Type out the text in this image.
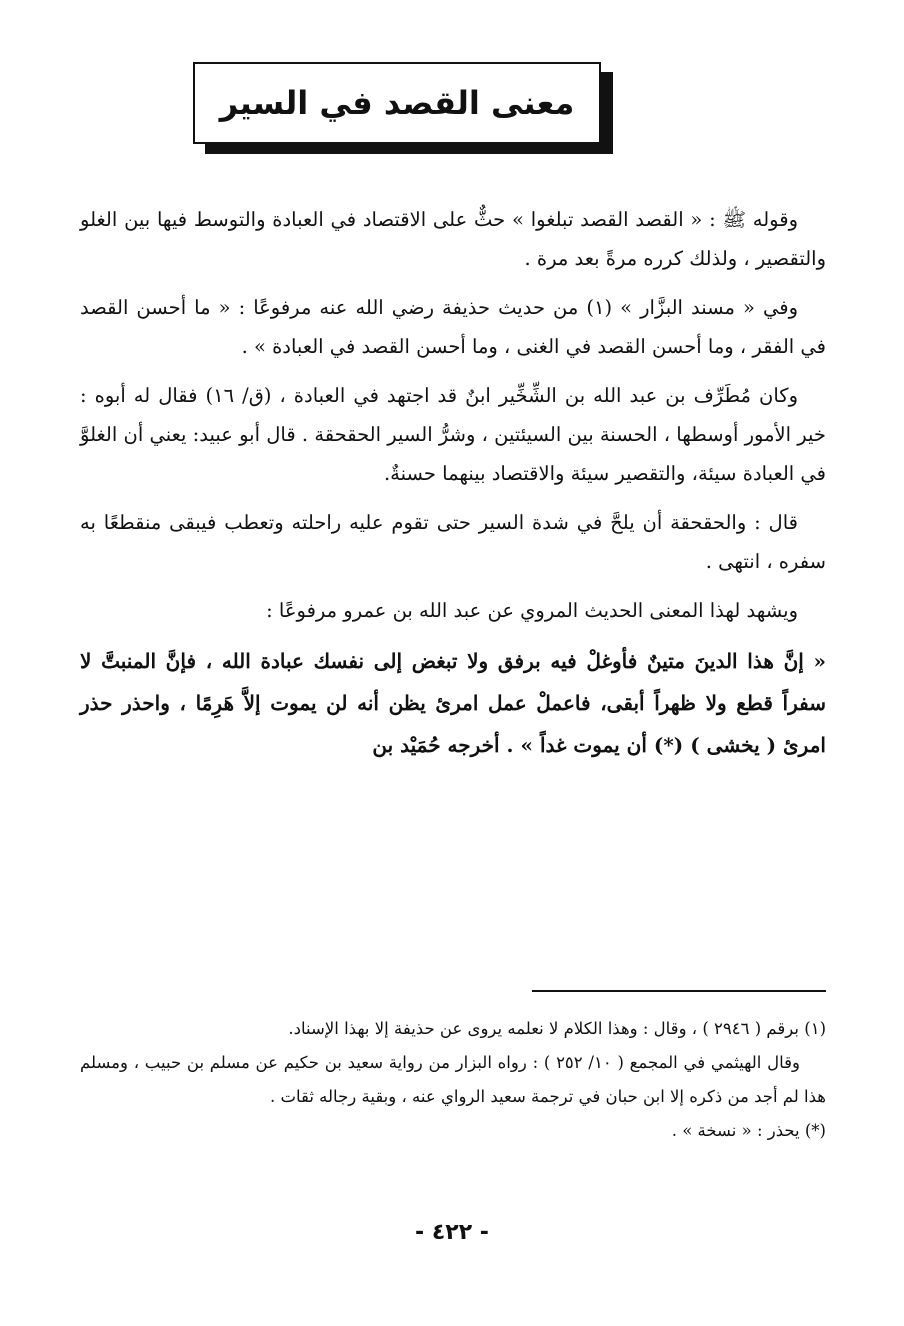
معنى القصد في السير

وقوله ﷺ : « القصد القصد تبلغوا » حثٌّ على الاقتصاد في العبادة والتوسط فيها بين الغلو والتقصير ، ولذلك كرره مرةً بعد مرة .

وفي « مسند البزَّار » (١) من حديث حذيفة رضي الله عنه مرفوعًا : « ما أحسن القصد في الفقر ، وما أحسن القصد في الغنى ، وما أحسن القصد في العبادة » .

وكان مُطَرِّف بن عبد الله بن الشِّخِّير ابنٌ قد اجتهد في العبادة ، (ق/ ١٦) فقال له أبوه : خير الأمور أوسطها ، الحسنة بين السيئتين ، وشرُّ السير الحقحقة . قال أبو عبيد: يعني أن الغلوَّ في العبادة سيئة، والتقصير سيئة والاقتصاد بينهما حسنةٌ.

قال : والحقحقة أن يلحَّ في شدة السير حتى تقوم عليه راحلته وتعطب فيبقى منقطعًا به سفره ، انتهى .

ويشهد لهذا المعنى الحديث المروي عن عبد الله بن عمرو مرفوعًا :

« إنَّ هذا الدينَ متينٌ فأوغلْ فيه برفق ولا تبغض إلى نفسك عبادة الله ، فإنَّ المنبتَّ لا سفراً قطع ولا ظهراً أبقى، فاعملْ عمل امرئ يظن أنه لن يموت إلاَّ هَرِمًا ، واحذر حذر امرئ ( يخشى ) (*) أن يموت غداً » . أخرجه حُمَيْد بن

(١) برقم ( ٢٩٤٦ ) ، وقال : وهذا الكلام لا نعلمه يروى عن حذيفة إلا بهذا الإسناد.

وقال الهيثمي في المجمع ( ١٠/ ٢٥٢ ) : رواه البزار من رواية سعيد بن حكيم عن مسلم بن حبيب ، ومسلم هذا لم أجد من ذكره إلا ابن حبان في ترجمة سعيد الرواي عنه ، وبقية رجاله ثقات .

(*) يحذر : « نسخة » .

- ٤٢٢ -
